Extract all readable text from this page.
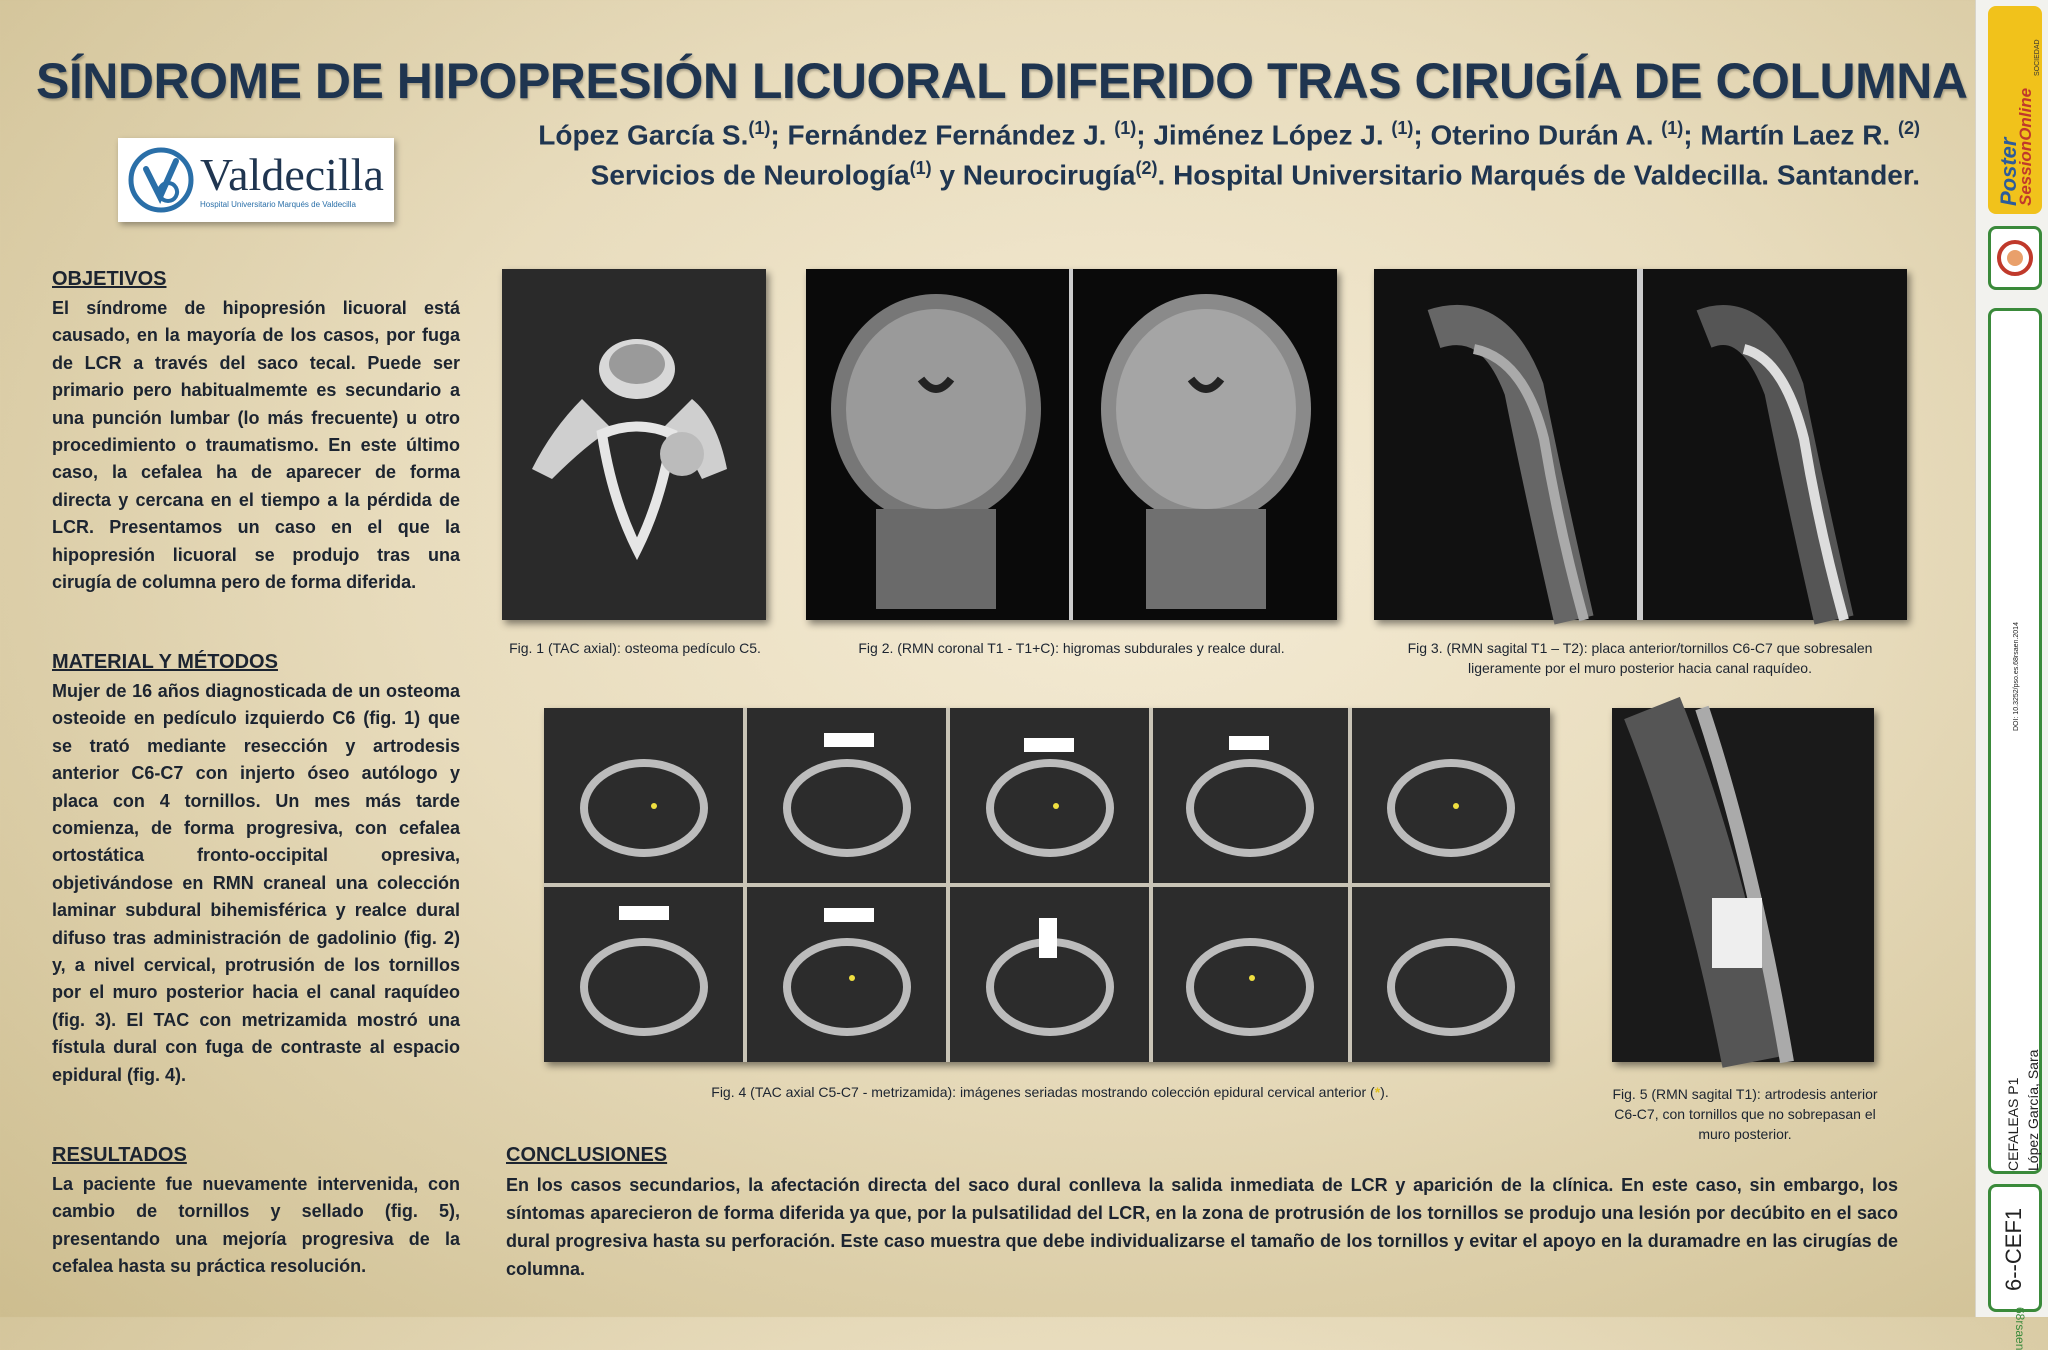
SÍNDROME DE HIPOPRESIÓN LICUORAL DIFERIDO TRAS CIRUGÍA DE COLUMNA
López García S.$^{(1)}$; Fernández Fernández J. $^{(1)}$; Jiménez López J. $^{(1)}$; Oterino Durán A. $^{(1)}$; Martín Laez R. $^{(2)}$
Servicios de Neurología$^{(1)}$ y Neurocirugía$^{(2)}$. Hospital Universitario Marqués de Valdecilla. Santander.
Valdecilla
Hospital Universitario Marqués de Valdecilla
OBJETIVOS
El síndrome de hipopresión licuoral está causado, en la mayoría de los casos, por fuga de LCR a través del saco tecal. Puede ser primario pero habitualmemte es secundario a una punción lumbar (lo más frecuente) u otro procedimiento o traumatismo. En este último caso, la cefalea ha de aparecer de forma directa y cercana en el tiempo a la pérdida de LCR. Presentamos un caso en el que la hipopresión licuoral se produjo tras una cirugía de columna pero de forma diferida.
MATERIAL Y MÉTODOS
Mujer de 16 años diagnosticada de un osteoma osteoide en pedículo izquierdo C6 (fig. 1) que se trató mediante resección y artrodesis anterior C6-C7 con injerto óseo autólogo y placa con 4 tornillos. Un mes más tarde comienza, de forma progresiva, con cefalea ortostática fronto-occipital opresiva, objetivándose en RMN craneal una colección laminar subdural bihemisférica y realce dural difuso tras administración de gadolinio (fig. 2) y, a nivel cervical, protrusión de los tornillos por el muro posterior hacia el canal raquídeo (fig. 3). El TAC con metrizamida mostró una fístula dural con fuga de contraste al espacio epidural (fig. 4).
RESULTADOS
La paciente fue nuevamente intervenida, con cambio de tornillos y sellado (fig. 5), presentando una mejoría progresiva de la cefalea hasta su práctica resolución.
Fig. 1 (TAC axial): osteoma pedículo C5.	Fig 2. (RMN coronal T1 - T1+C): higromas subdurales y realce dural.	Fig 3. (RMN sagital T1 – T2): placa anterior/tornillos C6-C7 que sobresalen ligeramente por el muro posterior hacia canal raquídeo.
Fig. 4 (TAC axial C5-C7 - metrizamida): imágenes seriadas mostrando colección epidural cervical anterior (*).	Fig. 5 (RMN sagital T1): artrodesis anterior C6-C7, con tornillos que no sobrepasan el muro posterior.
CONCLUSIONES
En los casos secundarios, la afectación directa del saco dural conlleva la salida inmediata de LCR y aparición de la clínica. En este caso, sin embargo, los síntomas aparecieron de forma diferida ya que, por la pulsatilidad del LCR, en la zona de protrusión de los tornillos se produjo una lesión por decúbito en el saco dural progresiva hasta su perforación. Este caso muestra que debe individualizarse el tamaño de los tornillos y evitar el apoyo en la duramadre en las cirugías de columna.
Poster
SessionOnline
SOCIEDAD
DOI: 10.3252/pso.es.68rsaen.2014
CEFALEAS P1 López García, Sara
6--CEF1
68rsaen
